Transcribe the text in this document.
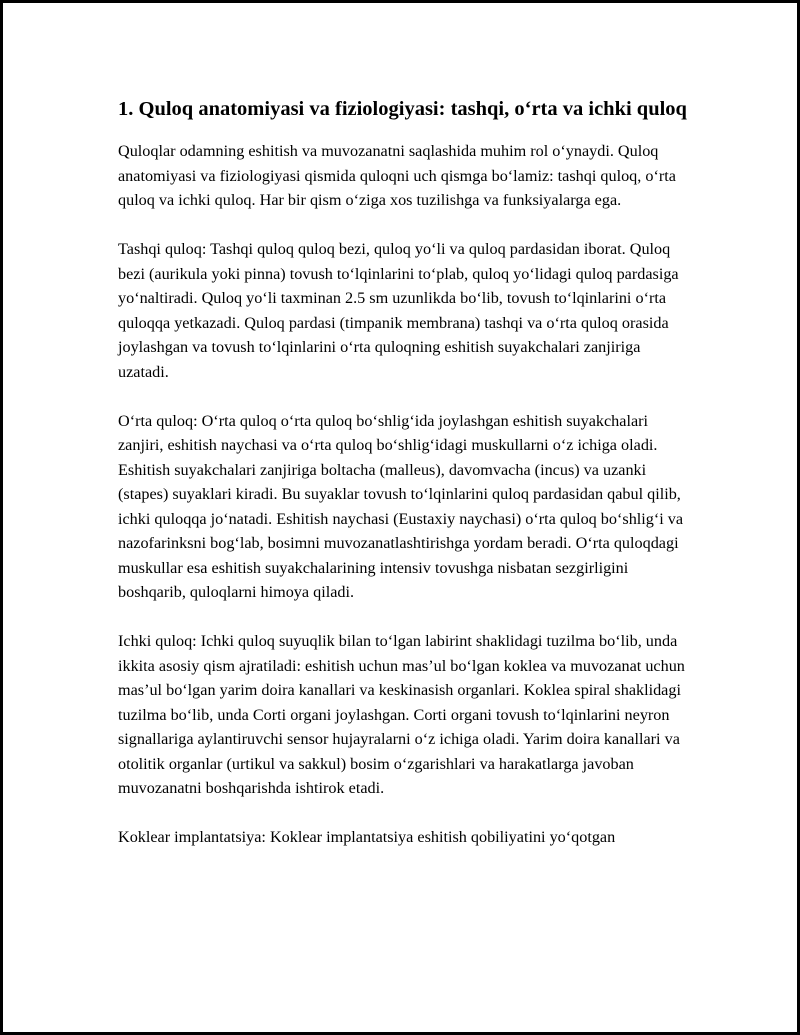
1. Quloq anatomiyasi va fiziologiyasi: tashqi, o‘rta va ichki quloq

Quloqlar odamning eshitish va muvozanatni saqlashida muhim rol o‘ynaydi. Quloq anatomiyasi va fiziologiyasi qismida quloqni uch qismga bo‘lamiz: tashqi quloq, o‘rta quloq va ichki quloq. Har bir qism o‘ziga xos tuzilishga va funksiyalarga ega.

Tashqi quloq: Tashqi quloq quloq bezi, quloq yo‘li va quloq pardasidan iborat. Quloq bezi (aurikula yoki pinna) tovush to‘lqinlarini to‘plab, quloq yo‘lidagi quloq pardasiga yo‘naltiradi. Quloq yo‘li taxminan 2.5 sm uzunlikda bo‘lib, tovush to‘lqinlarini o‘rta quloqqa yetkazadi. Quloq pardasi (timpanik membrana) tashqi va o‘rta quloq orasida joylashgan va tovush to‘lqinlarini o‘rta quloqning eshitish suyakchalari zanjiriga uzatadi.

O‘rta quloq: O‘rta quloq o‘rta quloq bo‘shlig‘ida joylashgan eshitish suyakchalari zanjiri, eshitish naychasi va o‘rta quloq bo‘shlig‘idagi muskullarni o‘z ichiga oladi. Eshitish suyakchalari zanjiriga boltacha (malleus), davomvacha (incus) va uzanki (stapes) suyaklari kiradi. Bu suyaklar tovush to‘lqinlarini quloq pardasidan qabul qilib, ichki quloqqa jo‘natadi. Eshitish naychasi (Eustaxiy naychasi) o‘rta quloq bo‘shlig‘i va nazofarinksni bog‘lab, bosimni muvozanatlashtirishga yordam beradi. O‘rta quloqdagi muskullar esa eshitish suyakchalarining intensiv tovushga nisbatan sezgirligini boshqarib, quloqlarni himoya qiladi.

Ichki quloq: Ichki quloq suyuqlik bilan to‘lgan labirint shaklidagi tuzilma bo‘lib, unda ikkita asosiy qism ajratiladi: eshitish uchun mas’ul bo‘lgan koklea va muvozanat uchun mas’ul bo‘lgan yarim doira kanallari va keskinasish organlari. Koklea spiral shaklidagi tuzilma bo‘lib, unda Corti organi joylashgan. Corti organi tovush to‘lqinlarini neyron signallariga aylantiruvchi sensor hujayralarni o‘z ichiga oladi. Yarim doira kanallari va otolitik organlar (urtikul va sakkul) bosim o‘zgarishlari va harakatlarga javoban muvozanatni boshqarishda ishtirok etadi.

Koklear implantatsiya: Koklear implantatsiya eshitish qobiliyatini yo‘qotgan
